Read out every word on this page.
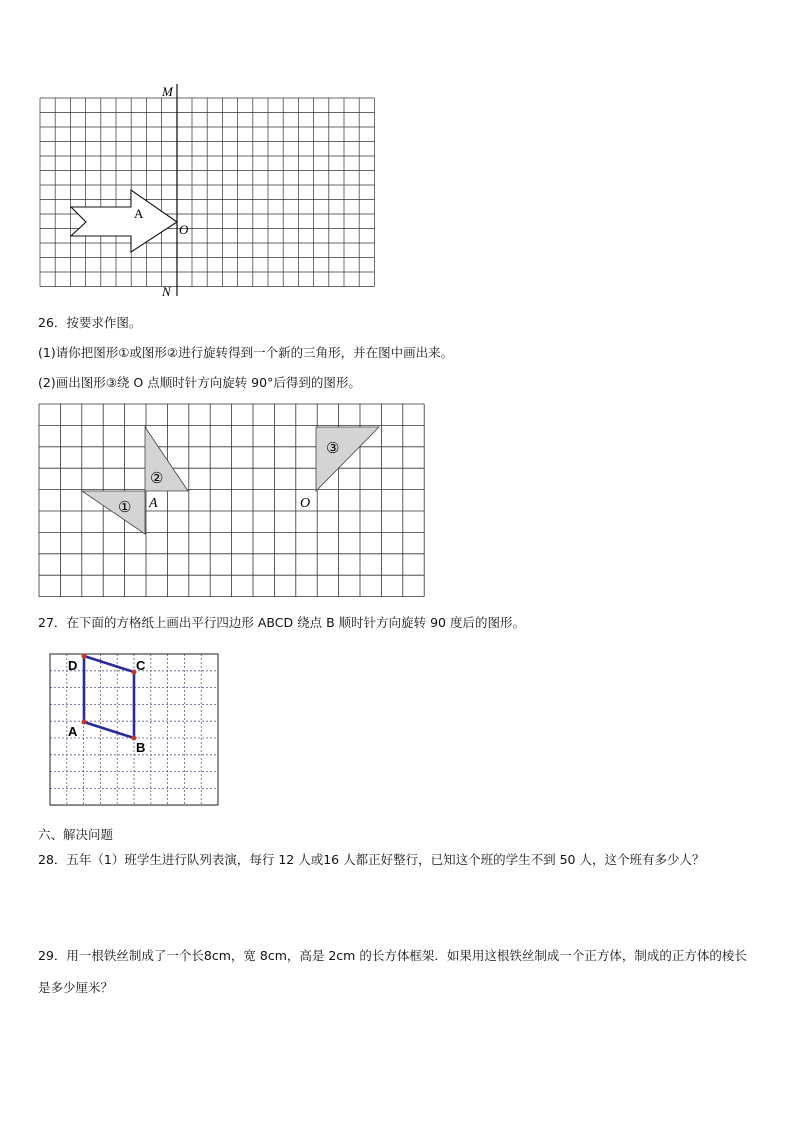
M
N
O
A
26．按要求作图。
(1)请你把图形①或图形②进行旋转得到一个新的三角形，并在图中画出来。
(2)画出图形③绕 O 点顺时针方向旋转 90°后得到的图形。
①
②
③
A	O
27．在下面的方格纸上画出平行四边形 ABCD 绕点 B 顺时针方向旋转 90 度后的图形。
D	C
B
A
六、解决问题
28．五年（1）班学生进行队列表演，每行 12 人或16 人都正好整行，已知这个班的学生不到 50 人，这个班有多少人？
29．用一根铁丝制成了一个长8cm，宽 8cm，高是 2cm 的长方体框架．如果用这根铁丝制成一个正方体，制成的正方体的棱长是多少厘米？
